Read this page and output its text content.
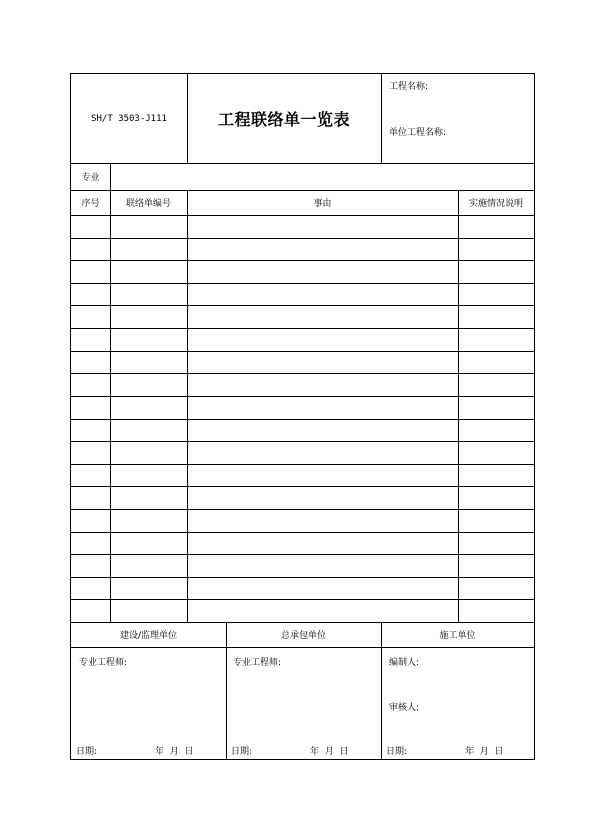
SH/T 3503-J111	工程联络单一览表
工程名称:
单位工程名称:
专业
序号	联络单编号	事由	实施情况说明
建设/监理单位	总承包单位	施工单位
专业工程师:	专业工程师:	编制人:
审核人:
日期:	年  月  日	日期:	年  月  日	日期:	年  月  日
